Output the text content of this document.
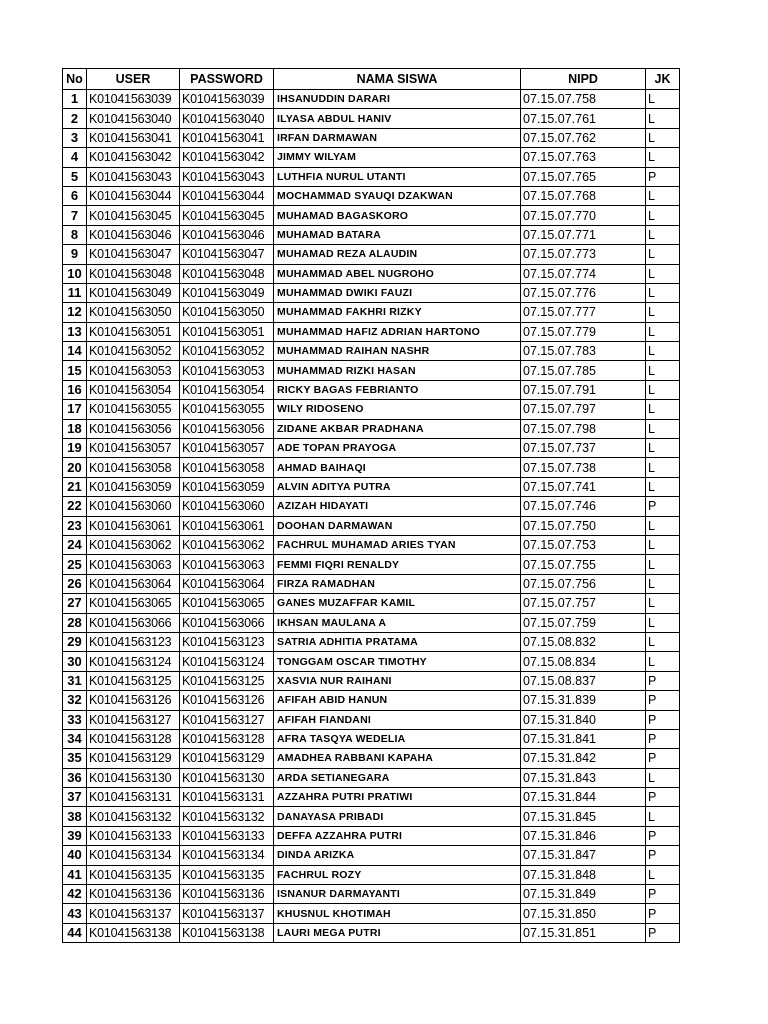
No	USER	PASSWORD	NAMA SISWA	NIPD	JK
1	K01041563039	K01041563039	IHSANUDDIN DARARI	07.15.07.758	L
2	K01041563040	K01041563040	ILYASA ABDUL HANIV	07.15.07.761	L
3	K01041563041	K01041563041	IRFAN DARMAWAN	07.15.07.762	L
4	K01041563042	K01041563042	JIMMY WILYAM	07.15.07.763	L
5	K01041563043	K01041563043	LUTHFIA NURUL UTANTI	07.15.07.765	P
6	K01041563044	K01041563044	MOCHAMMAD SYAUQI DZAKWAN	07.15.07.768	L
7	K01041563045	K01041563045	MUHAMAD BAGASKORO	07.15.07.770	L
8	K01041563046	K01041563046	MUHAMAD BATARA	07.15.07.771	L
9	K01041563047	K01041563047	MUHAMAD REZA ALAUDIN	07.15.07.773	L
10	K01041563048	K01041563048	MUHAMMAD ABEL NUGROHO	07.15.07.774	L
11	K01041563049	K01041563049	MUHAMMAD DWIKI FAUZI	07.15.07.776	L
12	K01041563050	K01041563050	MUHAMMAD FAKHRI RIZKY	07.15.07.777	L
13	K01041563051	K01041563051	MUHAMMAD HAFIZ ADRIAN HARTONO	07.15.07.779	L
14	K01041563052	K01041563052	MUHAMMAD RAIHAN NASHR	07.15.07.783	L
15	K01041563053	K01041563053	MUHAMMAD RIZKI HASAN	07.15.07.785	L
16	K01041563054	K01041563054	RICKY BAGAS FEBRIANTO	07.15.07.791	L
17	K01041563055	K01041563055	WILY RIDOSENO	07.15.07.797	L
18	K01041563056	K01041563056	ZIDANE AKBAR PRADHANA	07.15.07.798	L
19	K01041563057	K01041563057	ADE TOPAN PRAYOGA	07.15.07.737	L
20	K01041563058	K01041563058	AHMAD BAIHAQI	07.15.07.738	L
21	K01041563059	K01041563059	ALVIN ADITYA PUTRA	07.15.07.741	L
22	K01041563060	K01041563060	AZIZAH HIDAYATI	07.15.07.746	P
23	K01041563061	K01041563061	DOOHAN DARMAWAN	07.15.07.750	L
24	K01041563062	K01041563062	FACHRUL MUHAMAD ARIES TYAN	07.15.07.753	L
25	K01041563063	K01041563063	FEMMI FIQRI RENALDY	07.15.07.755	L
26	K01041563064	K01041563064	FIRZA RAMADHAN	07.15.07.756	L
27	K01041563065	K01041563065	GANES MUZAFFAR KAMIL	07.15.07.757	L
28	K01041563066	K01041563066	IKHSAN MAULANA A	07.15.07.759	L
29	K01041563123	K01041563123	SATRIA ADHITIA PRATAMA	07.15.08.832	L
30	K01041563124	K01041563124	TONGGAM OSCAR TIMOTHY	07.15.08.834	L
31	K01041563125	K01041563125	XASVIA NUR RAIHANI	07.15.08.837	P
32	K01041563126	K01041563126	AFIFAH ABID HANUN	07.15.31.839	P
33	K01041563127	K01041563127	AFIFAH FIANDANI	07.15.31.840	P
34	K01041563128	K01041563128	AFRA TASQYA WEDELIA	07.15.31.841	P
35	K01041563129	K01041563129	AMADHEA RABBANI KAPAHA	07.15.31.842	P
36	K01041563130	K01041563130	ARDA SETIANEGARA	07.15.31.843	L
37	K01041563131	K01041563131	AZZAHRA PUTRI PRATIWI	07.15.31.844	P
38	K01041563132	K01041563132	DANAYASA PRIBADI	07.15.31.845	L
39	K01041563133	K01041563133	DEFFA AZZAHRA PUTRI	07.15.31.846	P
40	K01041563134	K01041563134	DINDA ARIZKA	07.15.31.847	P
41	K01041563135	K01041563135	FACHRUL ROZY	07.15.31.848	L
42	K01041563136	K01041563136	ISNANUR DARMAYANTI	07.15.31.849	P
43	K01041563137	K01041563137	KHUSNUL KHOTIMAH	07.15.31.850	P
44	K01041563138	K01041563138	LAURI MEGA PUTRI	07.15.31.851	P
